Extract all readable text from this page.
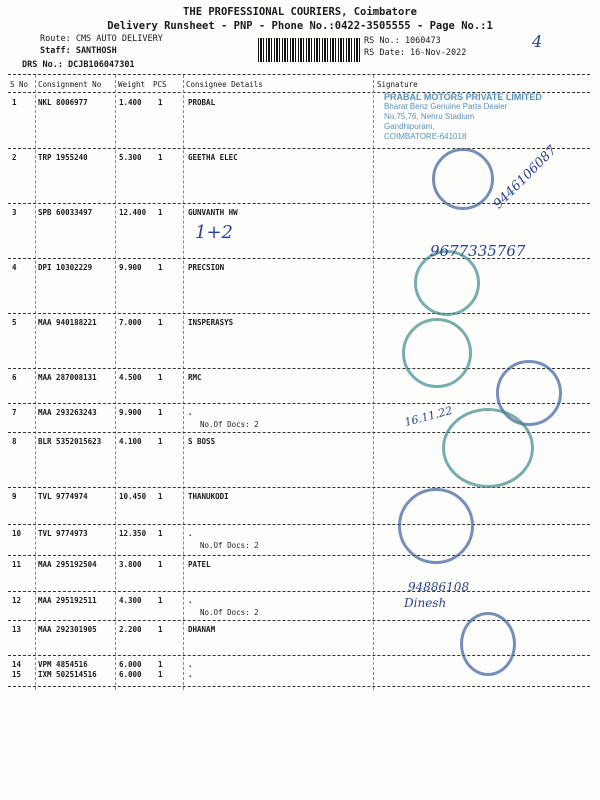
THE PROFESSIONAL COURIERS, Coimbatore
Delivery Runsheet - PNP - Phone No.:0422-3505555 - Page No.:1
Route: CMS AUTO DELIVERY
Staff: SANTHOSH
DRS No.: DCJB106047301
RS No.: 1060473
RS Date: 16-Nov-2022
4
S No Consignment No Weight PCS	Consignee Details	Signature
1	NKL 8006977	1.400 1	PROBAL
2	TRP 1955240	5.300 1	GEETHA ELEC
3	SPB 60033497	12.400 1	GUNVANTH HW
4	DPI 10302229	9.900 1	PRECSION
5	MAA 940188221	7.000 1	INSPERASYS
6	MAA 287008131	4.500 1	RMC
7	MAA 293263243	9.900 1	.
No.Of Docs: 2
8	BLR 5352015623 4.100 1	S BOSS
9	TVL 9774974	10.450 1	THANUKODI
10 TVL 9774973	12.350 1	.
No.Of Docs: 2
11 MAA 295192504	3.800 1	PATEL
12 MAA 295192511	4.300 1	.
No.Of Docs: 2
13 MAA 292301905	2.200 1	DHANAM
14 VPM 4854516	6.000 1	.
15 IXM 502514516	6.000 1	.
PRABAL MOTORS PRIVATE LIMITED
Bharat Benz Genuine Parts Dealer
No.75,76, Nehru Stadium
Gandhipuram,
COIMBATORE-641018
1+2
9446106087
9677335767
16.11.22
94886108
Dinesh
